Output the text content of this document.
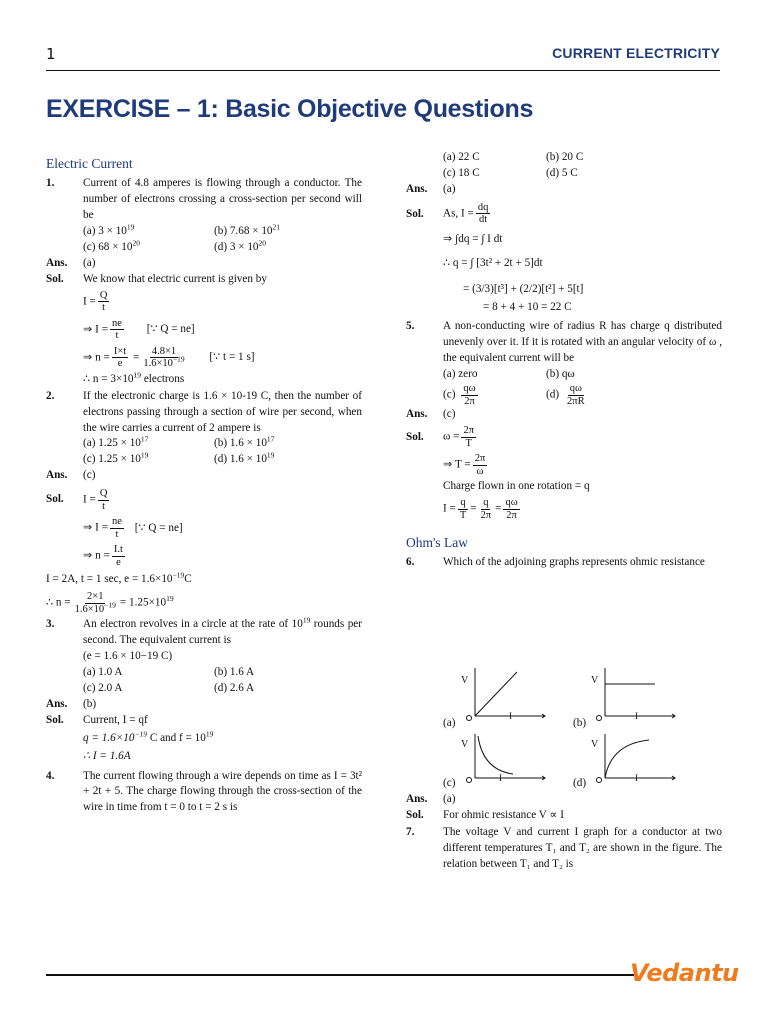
1	CURRENT ELECTRICITY
EXERCISE – 1: Basic Objective Questions
Electric Current
1.	Current of 4.8 amperes is flowing through a conductor. The number of electrons crossing a cross-section per second will be
(a) $3 \times 10^{19}$	(b) $7.68 \times 10^{21}$
(c) $68 \times 10^{20}$	(d) $3 \times 10^{20}$
Ans.	(a)
Sol.	We know that electric current is given by
$I = \frac{Q}{t}$
⇒ $I = \frac{ne}{t}$ [∵ Q = ne]
⇒ $n = \frac{I\times t}{e} = \frac{4.8\times 1}{1.6\times 10^{-19}}$ [∵ t = 1 s]
∴ $n = 3\times 10^{19}$ electrons
2.	If the electronic charge is 1.6 × 10-19 C, then the number of electrons passing through a section of wire per second, when the wire carries a current of 2 ampere is
(a) $1.25 \times 10^{17}$	(b) $1.6 \times 10^{17}$
(c) $1.25 \times 10^{19}$	(d) $1.6 \times 10^{19}$
Ans.	(c)
Sol.	$I = \frac{Q}{t}$
⇒ $I = \frac{ne}{t}$ [∵ Q = ne]
⇒ $n = \frac{I.t}{e}$
I = 2A, t = 1 sec, $e = 1.6\times 10^{-19}C$
∴ $n = \frac{2\times 1}{1.6\times 10^{-19}} = 1.25\times 10^{19}$
3.	An electron revolves in a circle at the rate of $10^{19}$ rounds per second. The equivalent current is
(e = 1.6 × 10−19 C)
(a) 1.0 A	(b) 1.6 A
(c) 2.0 A	(d) 2.6 A
Ans.	(b)
Sol.	Current, I = qf
$q = 1.6\times 10^{-19}$ C and $f = 10^{19}$
∴ I = 1.6A
4.	The current flowing through a wire depends on time as I = 3t² + 2t + 5. The charge flowing through the cross-section of the wire in time from t = 0 to t = 2 s is
(a) 22 C	(b) 20 C
(c) 18 C	(d) 5 C
Ans.	(a)
Sol.	As, $I = \frac{dq}{dt}$
⇒ ∫dq = ∫ I dt
∴ q = ∫ [3t² + 2t + 5]dt
= (3/3)[t³] + (2/2)[t²] + 5[t]
= 8 + 4 + 10 = 22 C
5.	A non-conducting wire of radius R has charge q distributed unevenly over it. If it is rotated with an angular velocity of ω , the equivalent current will be
(a) zero	(b) qω
$(c) \frac{q\omega}{2\pi}$	$(d) \frac{q\omega}{2\pi R}$
Ans.	(c)
Sol.	$\omega = \frac{2\pi}{T}$
⇒ $T = \frac{2\pi}{\omega}$
Charge flown in one rotation = q
$I = \frac{q}{T} = \frac{q}{2\pi} = \frac{q\omega}{2\pi}$
Ohm's Law
6.	Which of the adjoining graphs represents ohmic resistance
(a)
V
I
(b)
V
I
(c)
V
I	(d)
V
I
Ans.	(a)
Sol.	For ohmic resistance V ∝ I
7.	The voltage V and current I graph for a conductor at two different temperatures T₁ and T₂ are shown in the figure. The relation between T₁ and T₂ is
Vedantu
